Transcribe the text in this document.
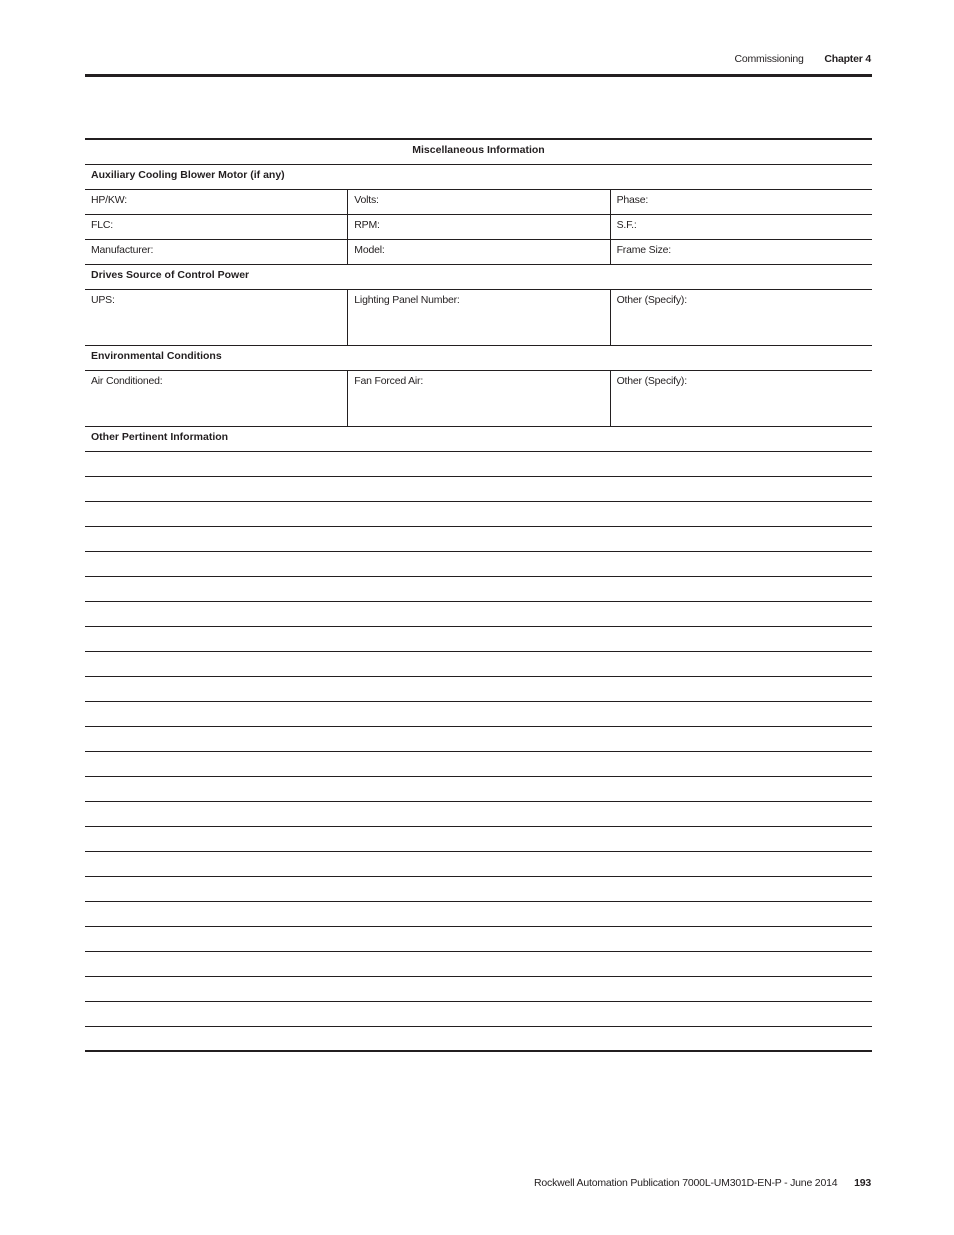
Commissioning Chapter 4
Miscellaneous Information
Auxiliary Cooling Blower Motor (if any)
HP/KW:	Volts:	Phase:
FLC:	RPM:	S.F.:
Manufacturer:	Model:	Frame Size:
Drives Source of Control Power
UPS:	Lighting Panel Number:	Other (Specify):
Environmental Conditions
Air Conditioned:	Fan Forced Air:	Other (Specify):
Other Pertinent Information
Rockwell Automation Publication 7000L-UM301D-EN-P - June 2014 193
